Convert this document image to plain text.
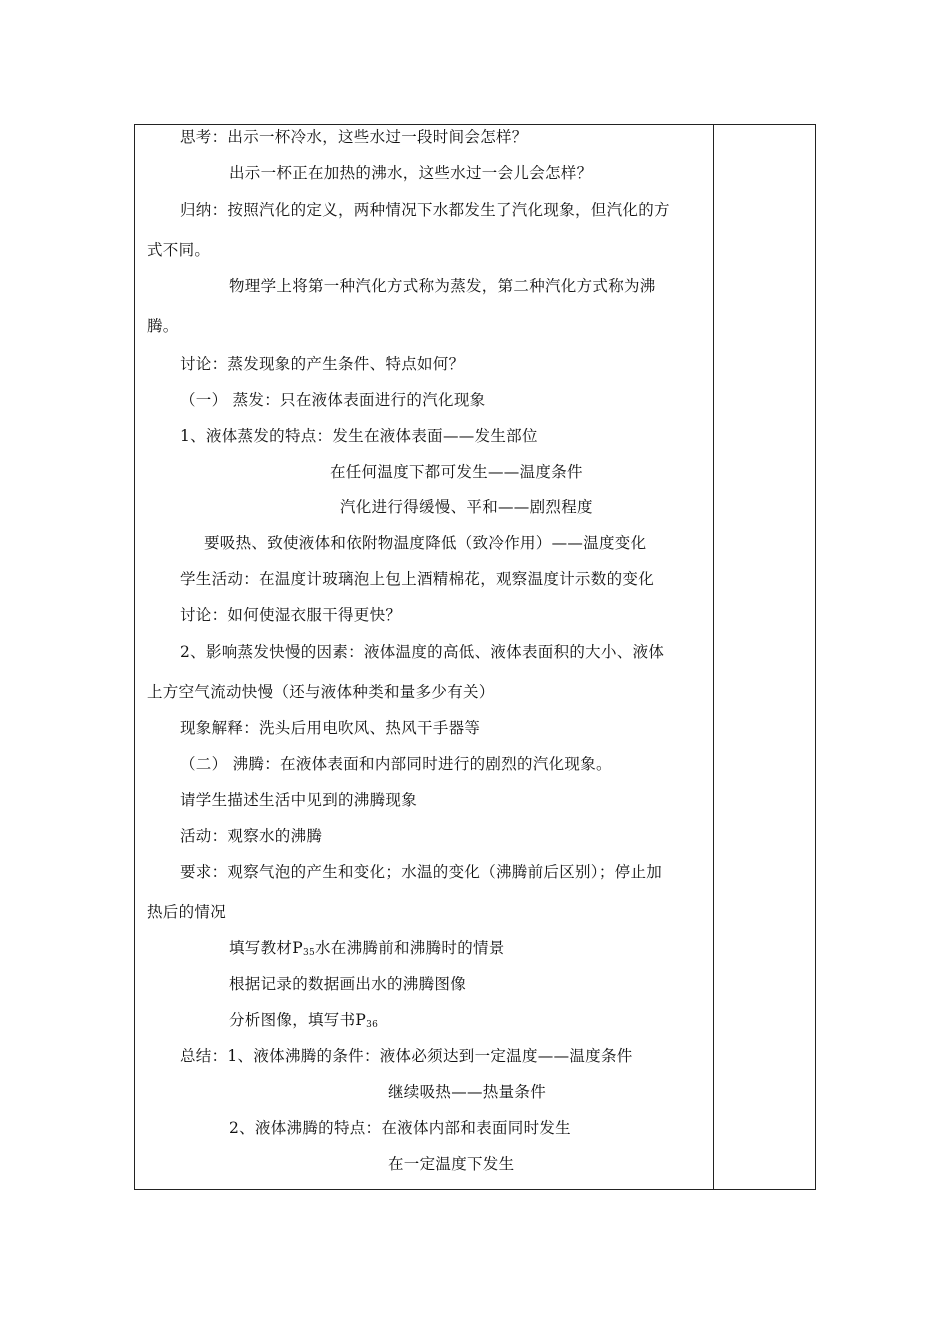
思考：出示一杯冷水，这些水过一段时间会怎样？
出示一杯正在加热的沸水，这些水过一会儿会怎样？
归纳：按照汽化的定义，两种情况下水都发生了汽化现象，但汽化的方
式不同。
物理学上将第一种汽化方式称为蒸发，第二种汽化方式称为沸
腾。
讨论：蒸发现象的产生条件、特点如何？
（一） 蒸发：只在液体表面进行的汽化现象
1、液体蒸发的特点：发生在液体表面——发生部位
在任何温度下都可发生——温度条件
汽化进行得缓慢、平和——剧烈程度
要吸热、致使液体和依附物温度降低（致冷作用）——温度变化
学生活动：在温度计玻璃泡上包上酒精棉花，观察温度计示数的变化
讨论：如何使湿衣服干得更快？
2、影响蒸发快慢的因素：液体温度的高低、液体表面积的大小、液体
上方空气流动快慢（还与液体种类和量多少有关）
现象解释：洗头后用电吹风、热风干手器等
（二） 沸腾：在液体表面和内部同时进行的剧烈的汽化现象。
请学生描述生活中见到的沸腾现象
活动：观察水的沸腾
要求：观察气泡的产生和变化；水温的变化（沸腾前后区别）；停止加
热后的情况
填写教材$P_{35}$水在沸腾前和沸腾时的情景
根据记录的数据画出水的沸腾图像
分析图像，填写书$P_{36}$
总结：1、液体沸腾的条件：液体必须达到一定温度——温度条件
继续吸热——热量条件
2、液体沸腾的特点：在液体内部和表面同时发生
在一定温度下发生
